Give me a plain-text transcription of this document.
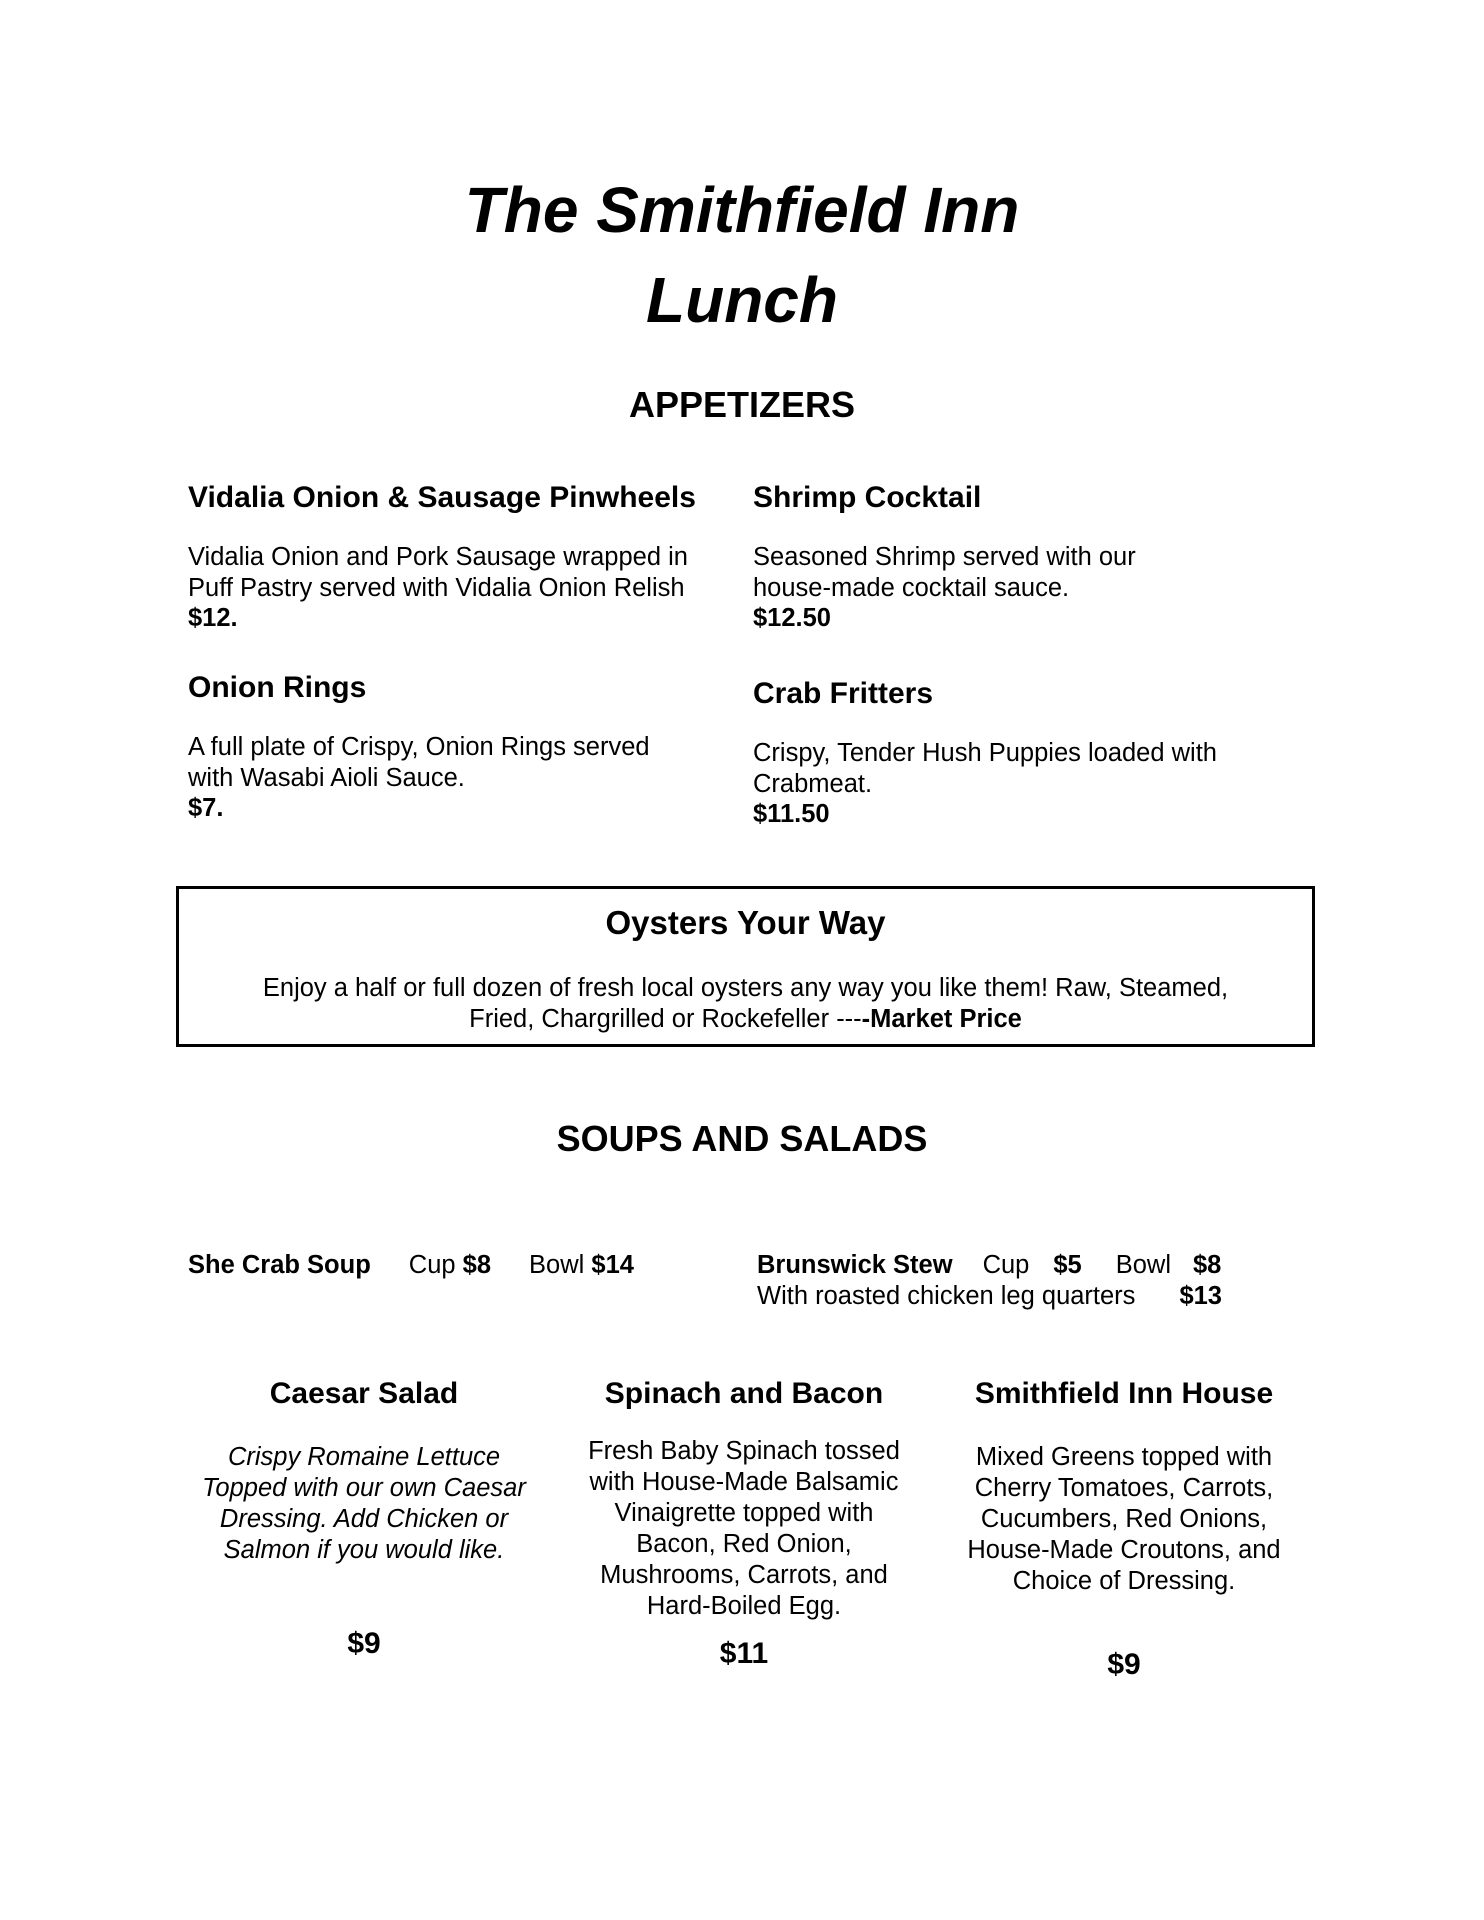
The Smithfield Inn
Lunch
APPETIZERS
Vidalia Onion & Sausage Pinwheels
Vidalia Onion and Pork Sausage wrapped in
Puff Pastry served with Vidalia Onion Relish
$12.
Shrimp Cocktail
Seasoned Shrimp served with our
house-made cocktail sauce.
$12.50
Onion Rings
A full plate of Crispy, Onion Rings served
with Wasabi Aioli Sauce.
$7.
Crab Fritters
Crispy, Tender Hush Puppies loaded with
Crabmeat.
$11.50
Oysters Your Way
Enjoy a half or full dozen of fresh local oysters any way you like them! Raw, Steamed,
Fried, Chargrilled or Rockefeller ----Market Price
SOUPS AND SALADS
She Crab Soup Cup $8 Bowl $14	Brunswick Stew Cup $5 Bowl $8
With roasted chicken leg quarters $13
Caesar Salad
Crispy Romaine Lettuce
Topped with our own Caesar
Dressing. Add Chicken or
Salmon if you would like.
$9
Spinach and Bacon
Fresh Baby Spinach tossed
with House-Made Balsamic
Vinaigrette topped with
Bacon, Red Onion,
Mushrooms, Carrots, and
Hard-Boiled Egg.
$11
Smithfield Inn House
Mixed Greens topped with
Cherry Tomatoes, Carrots,
Cucumbers, Red Onions,
House-Made Croutons, and
Choice of Dressing.
$9
